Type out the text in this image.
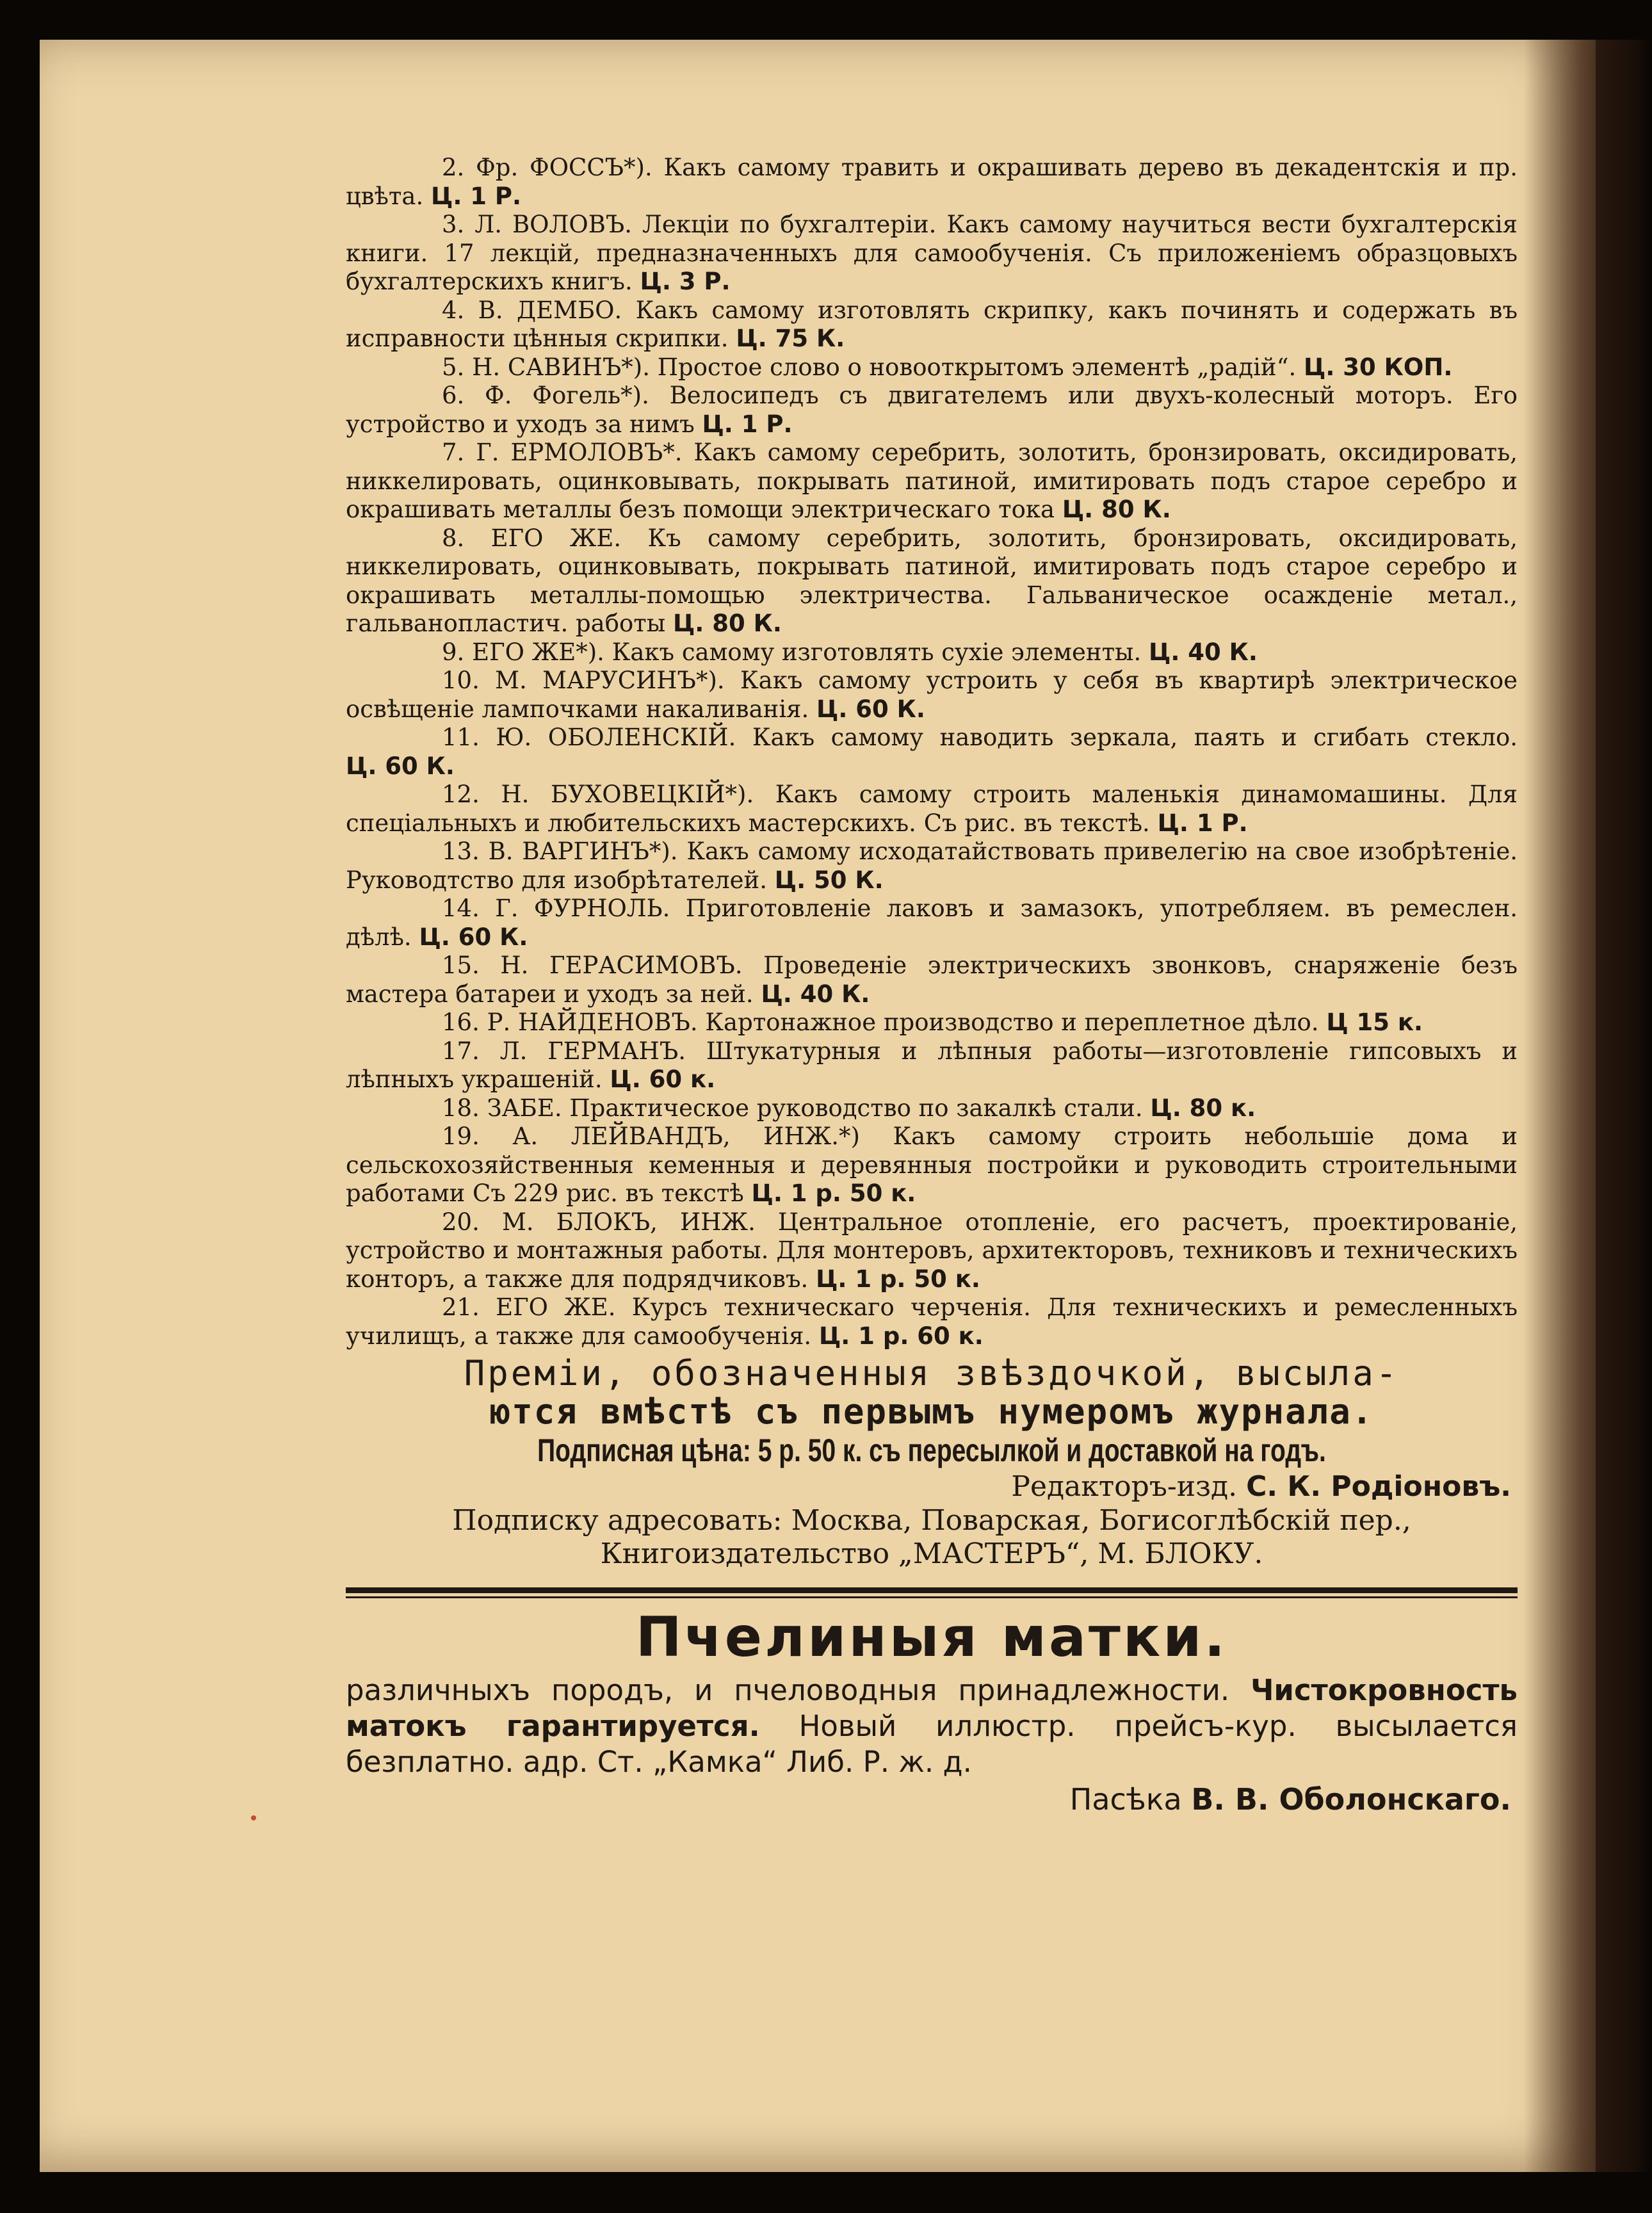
2. Фр. ФОССЪ*). Какъ самому травить и окрашивать дерево въ декадентскія и пр. цвѣта. Ц. 1 Р.

3. Л. ВОЛОВЪ. Лекціи по бухгалтеріи. Какъ самому научиться вести бухгалтерскія книги. 17 лекцій, предназначенныхъ для самообученія. Съ приложеніемъ образцовыхъ бухгалтерскихъ книгъ. Ц. 3 Р.

4. В. ДЕМБО. Какъ самому изготовлять скрипку, какъ починять и содержать въ исправности цѣнныя скрипки. Ц. 75 К.

5. Н. САВИНЪ*). Простое слово о новооткрытомъ элементѣ „радій“. Ц. 30 КОП.

6. Ф. Фогель*). Велосипедъ съ двигателемъ или двухъ-колесный моторъ. Его устройство и уходъ за нимъ Ц. 1 Р.

7. Г. ЕРМОЛОВЪ*. Какъ самому серебрить, золотить, бронзировать, оксидировать, никкелировать, оцинковывать, покрывать патиной, имитировать подъ старое серебро и окрашивать металлы безъ помощи электрическаго тока Ц. 80 К.

8. ЕГО ЖЕ. Къ самому серебрить, золотить, бронзировать, оксидировать, никкелировать, оцинковывать, покрывать патиной, имитировать подъ старое серебро и окрашивать металлы-помощью электричества. Гальваническое осажденіе метал., гальванопластич. работы Ц. 80 К.

9. ЕГО ЖЕ*). Какъ самому изготовлять сухіе элементы. Ц. 40 К.

10. М. МАРУСИНЪ*). Какъ самому устроить у себя въ квартирѣ электрическое освѣщеніе лампочками накаливанія. Ц. 60 К.

11. Ю. ОБОЛЕНСКІЙ. Какъ самому наводить зеркала, паять и сгибать стекло. Ц. 60 К.

12. Н. БУХОВЕЦКІЙ*). Какъ самому строить маленькія динамомашины. Для спеціальныхъ и любительскихъ мастерскихъ. Съ рис. въ текстѣ. Ц. 1 Р.

13. В. ВАРГИНЪ*). Какъ самому исходатайствовать привелегію на свое изобрѣтеніе. Руководтство для изобрѣтателей. Ц. 50 К.

14. Г. ФУРНОЛЬ. Приготовленіе лаковъ и замазокъ, употребляем. въ ремеслен. дѣлѣ. Ц. 60 К.

15. Н. ГЕРАСИМОВЪ. Проведеніе электрическихъ звонковъ, снаряженіе безъ мастера батареи и уходъ за ней. Ц. 40 К.

16. Р. НАЙДЕНОВЪ. Картонажное производство и переплетное дѣло. Ц 15 к.

17. Л. ГЕРМАНЪ. Штукатурныя и лѣпныя работы—изготовленіе гипсовыхъ и лѣпныхъ украшеній. Ц. 60 к.

18. ЗАБЕ. Практическое руководство по закалкѣ стали. Ц. 80 к.

19. А. ЛЕЙВАНДЪ, ИНЖ.*) Какъ самому строить небольшіе дома и сельскохозяйственныя кеменныя и деревянныя постройки и руководить строительными работами Съ 229 рис. въ текстѣ Ц. 1 р. 50 к.

20. М. БЛОКЪ, ИНЖ. Центральное отопленіе, его расчетъ, проектированіе, устройство и монтажныя работы. Для монтеровъ, архитекторовъ, техниковъ и техническихъ конторъ, а также для подрядчиковъ. Ц. 1 р. 50 к.

21. ЕГО ЖЕ. Курсъ техническаго черченія. Для техническихъ и ремесленныхъ училищъ, а также для самообученія. Ц. 1 р. 60 к.

Преміи, обозначенныя звѣздочкой, высыла-
ются вмѣстѣ съ первымъ нумеромъ журнала.
Подписная цѣна: 5 р. 50 к. съ пересылкой и доставкой на годъ.
Редакторъ-изд. С. К. Родіоновъ.
Подписку адресовать: Москва, Поварская, Богисоглѣбскій пер.,
Книгоиздательство „МАСТЕРЪ“, М. БЛОКУ.
Пчелиныя матки.
различныхъ породъ, и пчеловодныя принадлежности. Чистокровность матокъ гарантируется. Новый иллюстр. прейсъ-кур. высылается безплатно. адр. Ст. „Камка“ Либ. Р. ж. д.
Пасѣка В. В. Оболонскаго.
